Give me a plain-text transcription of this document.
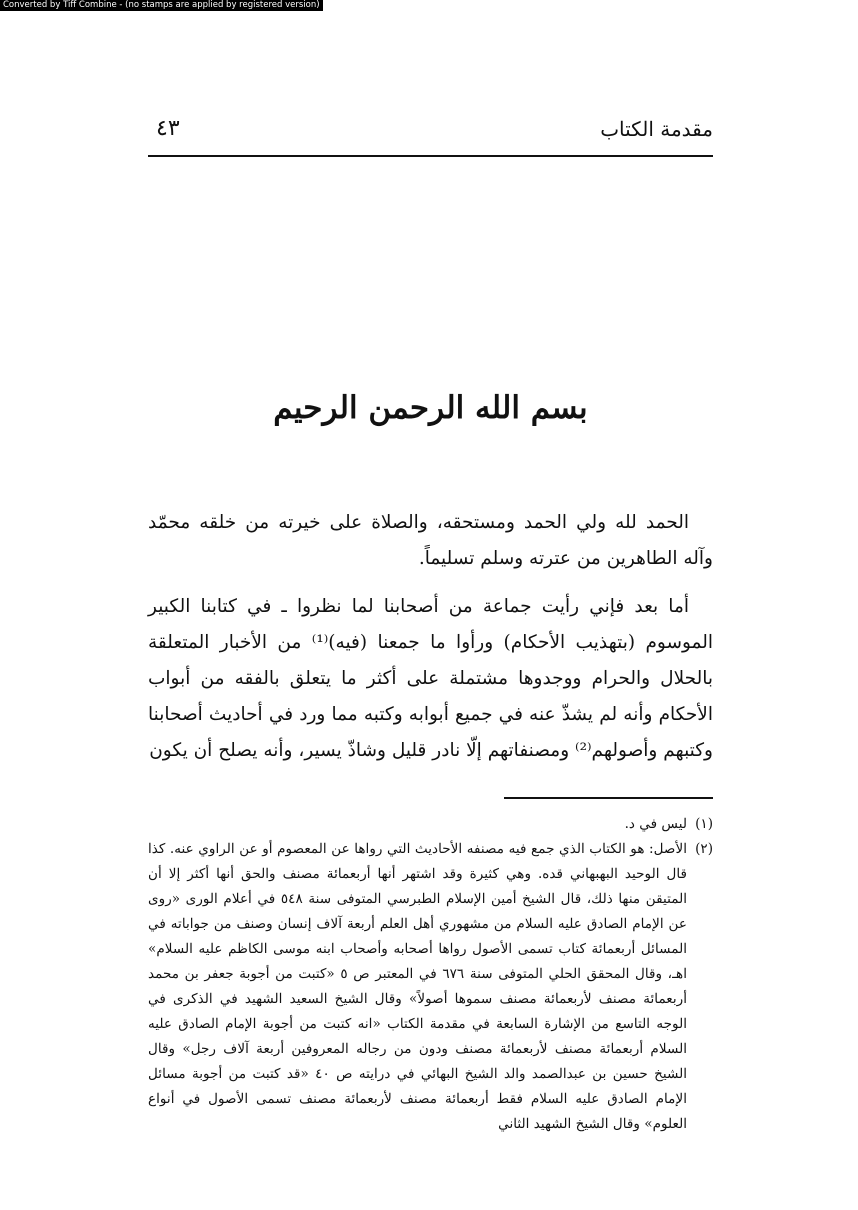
Converted by Tiff Combine - (no stamps are applied by registered version)
مقدمة الكتاب
٤٣
بسم الله الرحمن الرحيم

الحمد لله ولي الحمد ومستحقه، والصلاة على خيرته من خلقه محمّد وآله الطاهرين من عترته وسلم تسليماً.

أما بعد فإني رأيت جماعة من أصحابنا لما نظروا ـ في كتابنا الكبير الموسوم (بتهذيب الأحكام) ورأوا ما جمعنا (فيه)⁽¹⁾ من الأخبار المتعلقة بالحلال والحرام ووجدوها مشتملة على أكثر ما يتعلق بالفقه من أبواب الأحكام وأنه لم يشذّ عنه في جميع أبوابه وكتبه مما ورد في أحاديث أصحابنا وكتبهم وأصولهم⁽²⁾ ومصنفاتهم إلّا نادر قليل وشاذّ يسير، وأنه يصلح أن يكون

(١)
ليس في د.

(٢)
الأصل: هو الكتاب الذي جمع فيه مصنفه الأحاديث التي رواها عن المعصوم أو عن الراوي عنه. كذا قال الوحيد البهبهاني قده. وهي كثيرة وقد اشتهر أنها أربعمائة مصنف والحق أنها أكثر إلا أن المتيقن منها ذلك، قال الشيخ أمين الإسلام الطبرسي المتوفى سنة ٥٤٨ في أعلام الورى «روى عن الإمام الصادق عليه السلام من مشهوري أهل العلم أربعة آلاف إنسان وصنف من جواباته في المسائل أربعمائة كتاب تسمى الأصول رواها أصحابه وأصحاب ابنه موسى الكاظم عليه السلام» اهـ، وقال المحقق الحلي المتوفى سنة ٦٧٦ في المعتبر ص ٥ «كتبت من أجوبة جعفر بن محمد أربعمائة مصنف لأربعمائة مصنف سموها أصولاً» وقال الشيخ السعيد الشهيد في الذكرى في الوجه التاسع من الإشارة السابعة في مقدمة الكتاب «انه كتبت من أجوبة الإمام الصادق عليه السلام أربعمائة مصنف لأربعمائة مصنف ودون من رجاله المعروفين أربعة آلاف رجل» وقال الشيخ حسين بن عبدالصمد والد الشيخ البهائي في درايته ص ٤٠ «قد كتبت من أجوبة مسائل الإمام الصادق عليه السلام فقط أربعمائة مصنف لأربعمائة مصنف تسمى الأصول في أنواع العلوم» وقال الشيخ الشهيد الثاني
